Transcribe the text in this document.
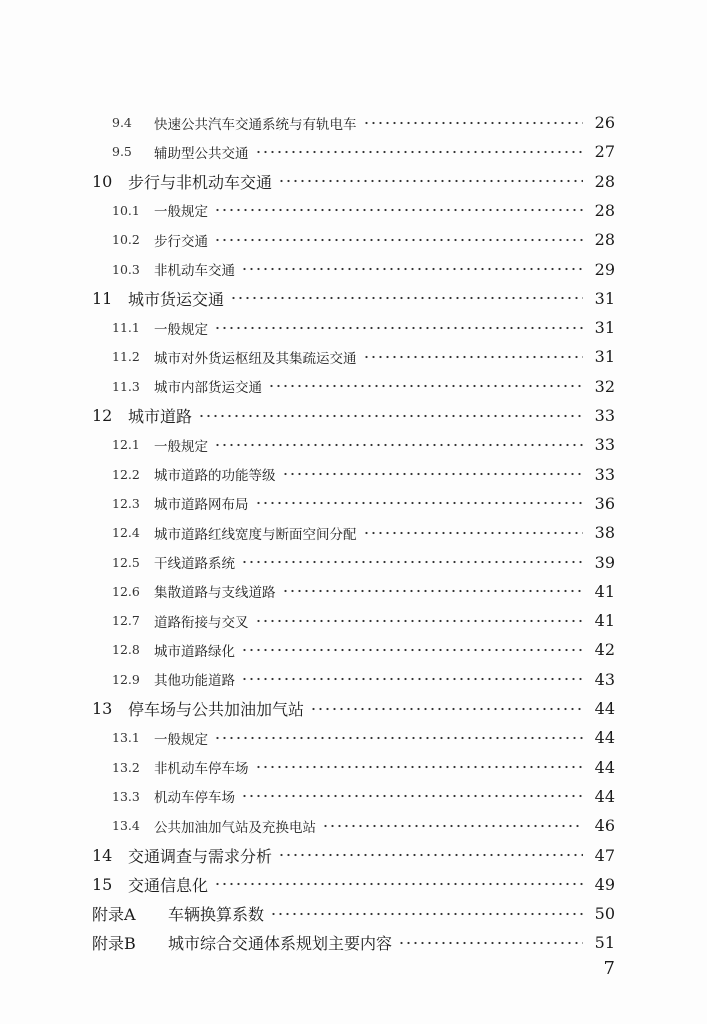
9.4	快速公共汽车交通系统与有轨电车	26
9.5	辅助型公共交通	27
10 步行与非机动车交通	28
10.1	一般规定	28
10.2	步行交通	28
10.3	非机动车交通	29
11 城市货运交通	31
11.1	一般规定	31
11.2	城市对外货运枢纽及其集疏运交通	31
11.3	城市内部货运交通	32
12 城市道路	33
12.1	一般规定	33
12.2	城市道路的功能等级	33
12.3	城市道路网布局	36
12.4	城市道路红线宽度与断面空间分配	38
12.5	干线道路系统	39
12.6	集散道路与支线道路	41
12.7	道路衔接与交叉	41
12.8	城市道路绿化	42
12.9	其他功能道路	43
13 停车场与公共加油加气站	44
13.1	一般规定	44
13.2	非机动车停车场	44
13.3	机动车停车场	44
13.4	公共加油加气站及充换电站	46
14 交通调查与需求分析	47
15 交通信息化	49
附录A	车辆换算系数	50
附录B	城市综合交通体系规划主要内容	51
7
